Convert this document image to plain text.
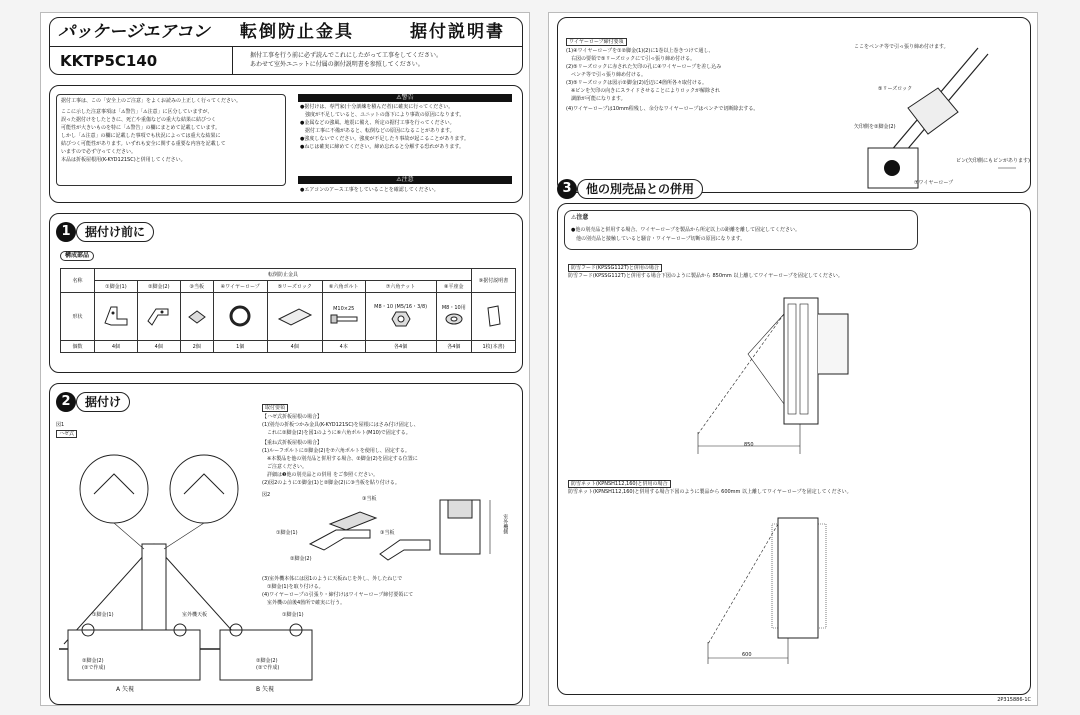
パッケージエアコン 転倒防止金具	据付説明書
KKTP5C140	据付工事を行う前に必ず読んでこれにしたがって工事をしてください。
あわせて室外ユニットに付属の据付説明書を参照してください。
据付工事は、この「安全上のご注意」をよくお読みの上正しく行ってください。
ここに示した注意事項は「⚠警告」「⚠注意」に区分していますが、
誤った据付けをしたときに、死亡や重傷などの重大な結果に結びつく
可能性が大きいものを特に「⚠警告」の欄にまとめて記載しています。
しかし「⚠注意」の欄に記載した事項でも状況によっては重大な結果に
結びつく可能性があります。いずれも安全に関する重要な内容を記載して
いますので必ず守ってください。
本品は折板屋根用(K-KYD121SC)と併用してください。
⚠警告
●据付けは、専門家(十分訓練を積んだ者)に確実に行ってください。
　強度が不足していると、ユニットの落下により事故の原因になります。
●金属などの強風、地震に備え、所定の据付工事を行ってください。
　据付工事に不備があると、転倒などの原因になることがあります。
●強度しないでください。強度が不足したり事故が起こることがあります。
●ねじは確実に締めてください。締め忘れると分解する恐れがあります。
⚠注意
●エアコンのアース工事をしていることを確認してください。
1	据付け前に
構成部品
名称	転倒防止金具								⑨据付説明書
	①脚金(1)	②脚金(2)	③当板	④ワイヤーロープ	⑤リーズロック	⑥六角ボルト	⑦六角ナット	⑧平座金	
形状						M10×25	M8・10 (M5/16・3/8)	M8・10用

個数	4個	4個	2個	1個	4個	4本	各4個	各4個	1枚(本書)
2	据付け
図1
ハゼ式
①脚金(1)	室外機天板
②脚金(2)
(②で作成)
A 矢視
①脚金(1)
②脚金(2)
(②で作成)
B 矢視
取付要領
【ハゼ式折板屋根の場合】
(1)別売の折板つかみ金具(K-KYD121SC)を屋根にはさみ付け固定し、
　これに②脚金(2)を図1のように⑥六角ボルト(M10)で固定する。
【重ね式折板屋根の場合】
(1)ルーフボルトに①脚金(2)を⑦六角ボルトを使用し、固定する。
　※本製品を他の別売品と併用する場合、②脚金(2)を固定する位置に
　ご注意ください。
　詳細は❸他の別売品との併用 をご参照ください。
(2)図2のように①脚金(1)と②脚金(2)に③当板を貼り付ける。
図2
③当板
①脚金(1)	③当板
②脚金(2)
室外機側
(3)室外機本体には図1のように天板ねじを外し、外したねじで
　①脚金(1)を取り付ける。
(4)ワイヤーロープの引張り・締付けはワイヤーロープ締付要領にて
　室外機の前後4箇所で確実に行う。
ワイヤーロープ締付要領
(1)④ワイヤーロープを①②脚金(1)(2)に1巻以上巻きつけて通し、
　右図の要領で⑤リーズロックにて引っ張り締め付ける。
(2)⑤リーズロックに赤された矢印の孔に④ワイヤーロープを差し込み
　ペンチ等で引っ張り締め付ける。
(3)⑤リーズロックは図示②脚金(2)近辺に4箇所各々取付ける。
　※ピンを矢印の向きにスライドさせることによりロックが解除され
　調節が可能になります。
(4)ワイヤーロープは10mm程残し、余分なワイヤーロープはペンチで切断除去する。
ここをペンチ等で引っ張り締め付けます。
⑤リーズロック
矢印側を②脚金(2)
ピン(矢印側にもピンがあります)
⑦ワイヤーロープ
3	他の別売品との併用
⚠注意
●他の別売品と併用する場合、ワイヤーロープを製品から所定以上の距離を離して固定してください。
　他の別売品と接触していると騒音・ワイヤーロープ切断の原因になります。
防雪フード(KPSSG112T)と併用の場合
防雪フード(KPSSG112T)と併用する場合下図のように製品から 850mm 以上離してワイヤーロープを固定してください。
850
防雪ネット(KPNSH112,160)と併用の場合
防雪ネット(KPNSH112,160)と併用する場合下図のように製品から 600mm 以上離してワイヤーロープを固定してください。
600
2P315886-1C
